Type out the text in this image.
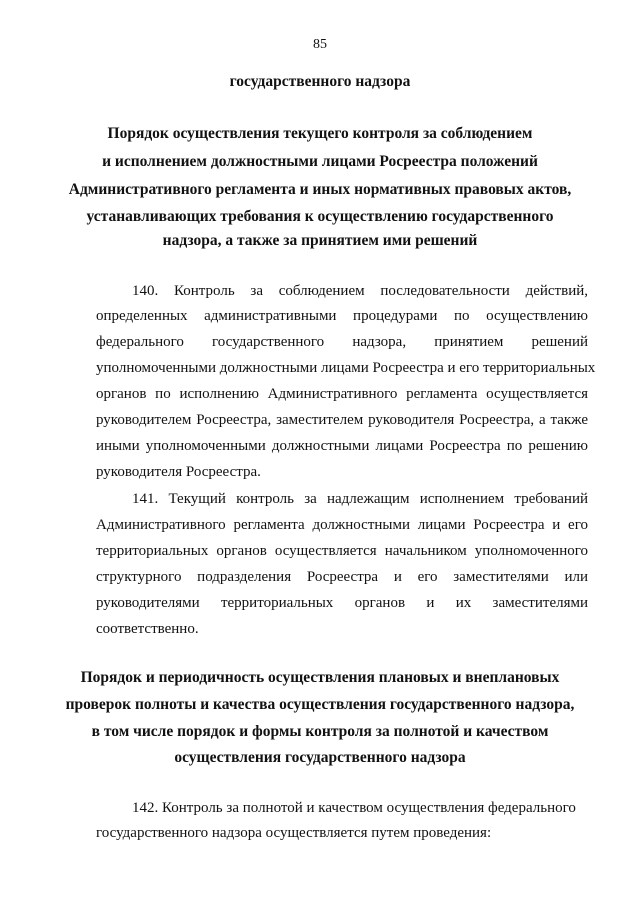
85
государственного надзора
Порядок осуществления текущего контроля за соблюдением
и исполнением должностными лицами Росреестра положений
Административного регламента и иных нормативных правовых актов,
устанавливающих требования к осуществлению государственного
надзора, а также за принятием ими решений
140. Контроль за соблюдением последовательности действий,
определенных административными процедурами по осуществлению
федерального государственного надзора, принятием решений
уполномоченными должностными лицами Росреестра и его территориальных
органов по исполнению Административного регламента осуществляется
руководителем Росреестра, заместителем руководителя Росреестра, а также
иными уполномоченными должностными лицами Росреестра по решению
руководителя Росреестра.
141. Текущий контроль за надлежащим исполнением требований
Административного регламента должностными лицами Росреестра и его
территориальных органов осуществляется начальником уполномоченного
структурного подразделения Росреестра и его заместителями или
руководителями территориальных органов и их заместителями
соответственно.
Порядок и периодичность осуществления плановых и внеплановых
проверок полноты и качества осуществления государственного надзора,
в том числе порядок и формы контроля за полнотой и качеством
осуществления государственного надзора
142. Контроль за полнотой и качеством осуществления федерального
государственного надзора осуществляется путем проведения:
